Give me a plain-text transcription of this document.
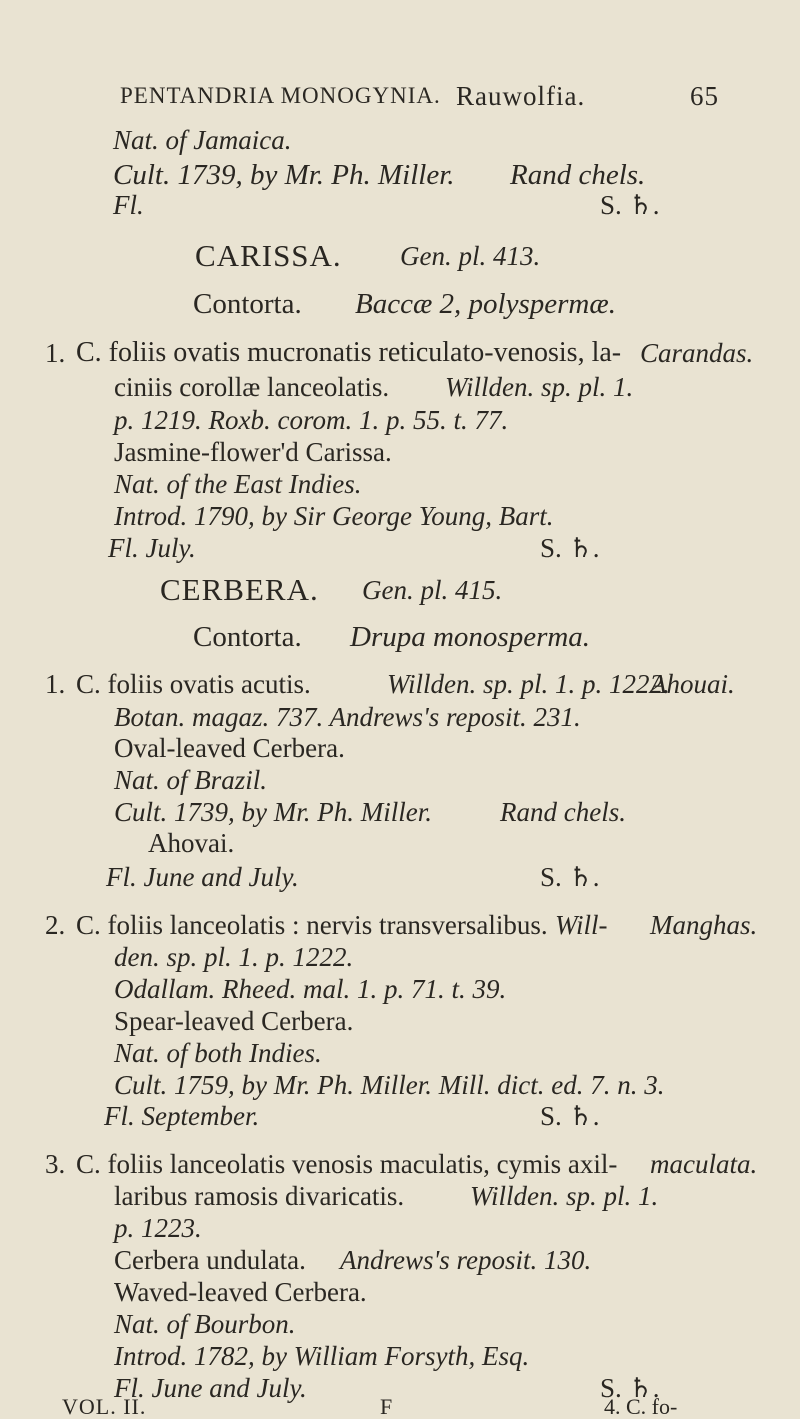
PENTANDRIA MONOGYNIA. Rauwolfia.	65
Nat. of Jamaica.
Cult. 1739, by Mr. Ph. Miller. Rand chels.
Fl.	S. ♄.
CARISSA. Gen. pl. 413.
Contorta. Baccæ 2, polyspermæ.
1. C. foliis ovatis mucronatis reticulato-venosis, la- Carandas.
ciniis corollæ lanceolatis. Willden. sp. pl. 1.
p. 1219. Roxb. corom. 1. p. 55. t. 77.
Jasmine-flower'd Carissa.
Nat. of the East Indies.
Introd. 1790, by Sir George Young, Bart.
Fl. July.	S. ♄.
CERBERA. Gen. pl. 415.
Contorta. Drupa monosperma.
1. C. foliis ovatis acutis.	Willden. sp. pl. 1. p. 1222.
Ahouai.
Botan. magaz. 737. Andrews's reposit. 231.
Oval-leaved Cerbera.
Nat. of Brazil.
Cult. 1739, by Mr. Ph. Miller.	Rand chels.
Ahovai.
Fl. June and July.	S. ♄.
2. C. foliis lanceolatis : nervis transversalibus. Will- Manghas.
den. sp. pl. 1. p. 1222.
Odallam. Rheed. mal. 1. p. 71. t. 39.
Spear-leaved Cerbera.
Nat. of both Indies.
Cult. 1759, by Mr. Ph. Miller. Mill. dict. ed. 7. n. 3.
Fl. September.	S. ♄.
3. C. foliis lanceolatis venosis maculatis, cymis axil- maculata.
laribus ramosis divaricatis. Willden. sp. pl. 1.
p. 1223.
Cerbera undulata. Andrews's reposit. 130.
Waved-leaved Cerbera.
Nat. of Bourbon.
Introd. 1782, by William Forsyth, Esq.
Fl. June and July.	S. ♄.
VOL. II.	F	4. C. fo-
